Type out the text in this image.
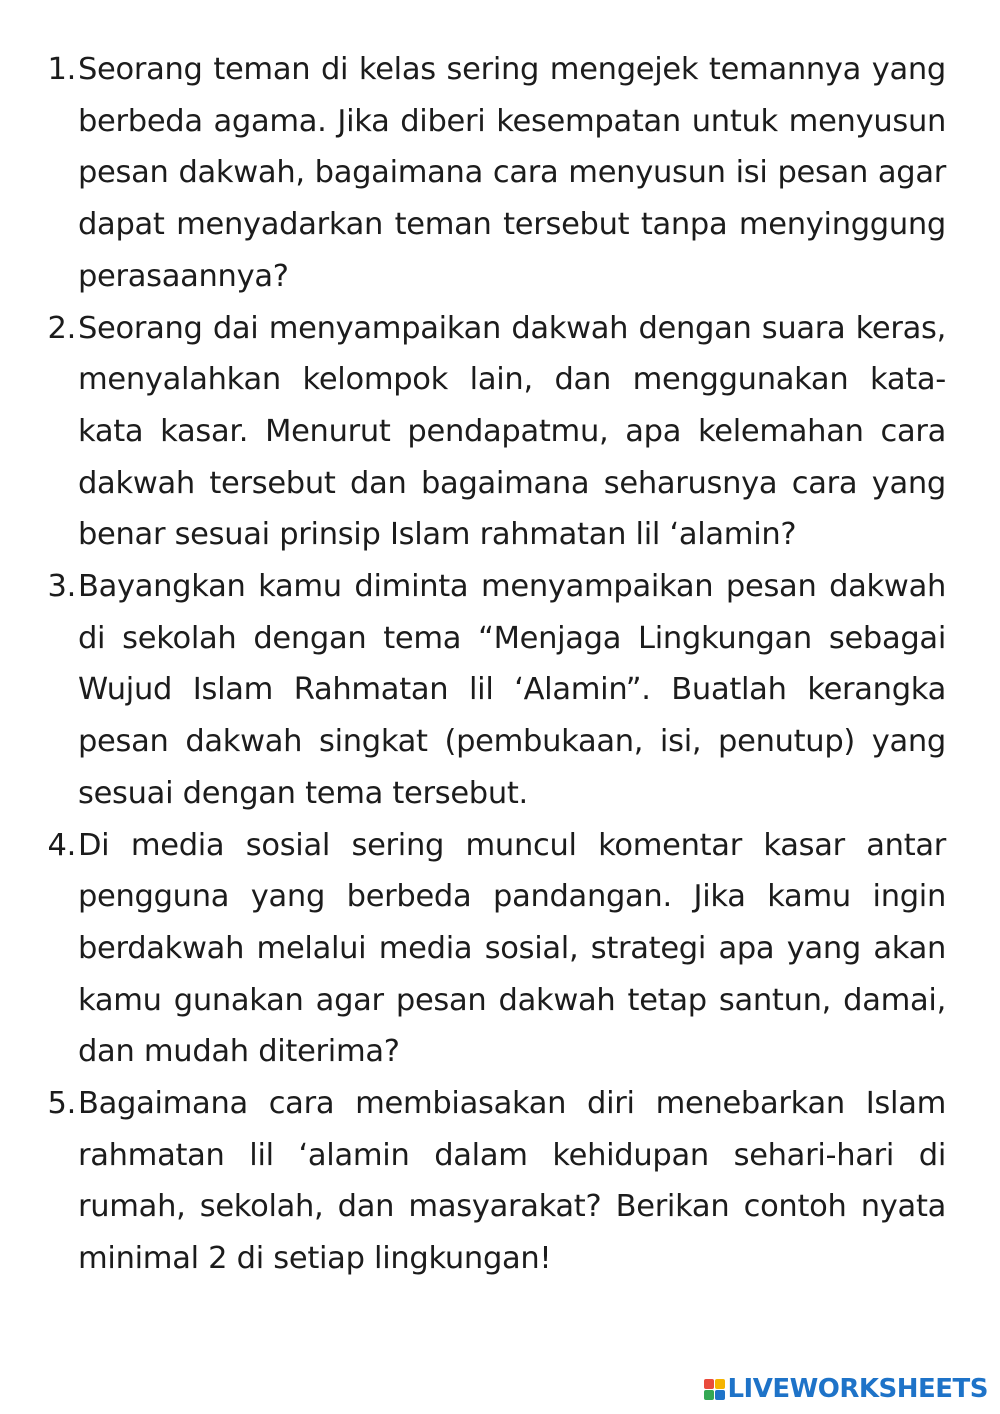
1. Seorang teman di kelas sering mengejek temannya yang berbeda agama. Jika diberi kesempatan untuk menyusun pesan dakwah, bagaimana cara menyusun isi pesan agar dapat menyadarkan teman tersebut tanpa menyinggung perasaannya?
2. Seorang dai menyampaikan dakwah dengan suara keras, menyalahkan kelompok lain, dan menggunakan kata-kata kasar. Menurut pendapatmu, apa kelemahan cara dakwah tersebut dan bagaimana seharusnya cara yang benar sesuai prinsip Islam rahmatan lil ‘alamin?
3. Bayangkan kamu diminta menyampaikan pesan dakwah di sekolah dengan tema “Menjaga Lingkungan sebagai Wujud Islam Rahmatan lil ‘Alamin”. Buatlah kerangka pesan dakwah singkat (pembukaan, isi, penutup) yang sesuai dengan tema tersebut.
4. Di media sosial sering muncul komentar kasar antar pengguna yang berbeda pandangan. Jika kamu ingin berdakwah melalui media sosial, strategi apa yang akan kamu gunakan agar pesan dakwah tetap santun, damai, dan mudah diterima?
5. Bagaimana cara membiasakan diri menebarkan Islam rahmatan lil ‘alamin dalam kehidupan sehari-hari di rumah, sekolah, dan masyarakat? Berikan contoh nyata minimal 2 di setiap lingkungan!
LIVEWORKSHEETS
